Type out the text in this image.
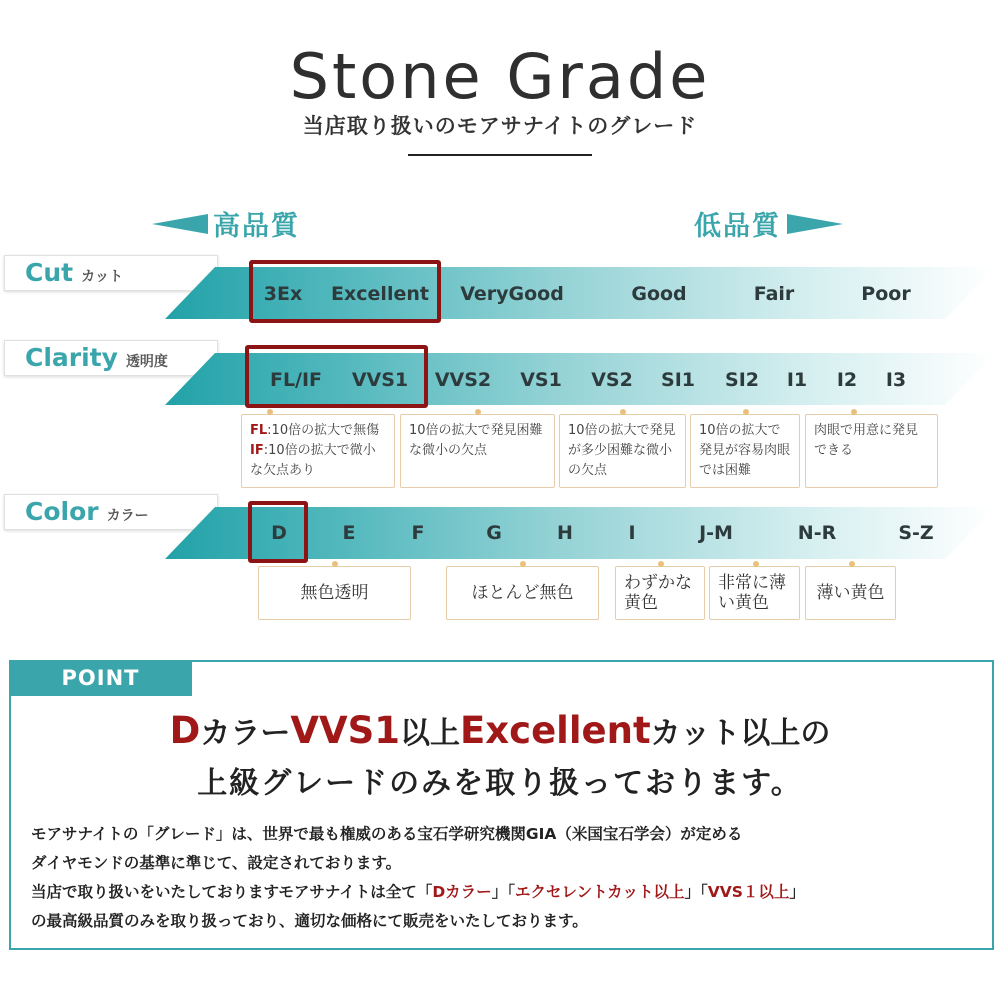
Stone Grade
当店取り扱いのモアサナイトのグレード
高品質	低品質
Cut カット
3Ex Excellent VeryGood	Good	Fair	Poor
Clarity 透明度
FL/IF VVS1 VVS2 VS1 VS2 SI1 SI2 I1 I2 I3
FL:10倍の拡大で無傷
IF:10倍の拡大で微小
な欠点あり
10倍の拡大で発見困難な微小の欠点
10倍の拡大で発見が多少困難な微小の欠点
10倍の拡大で発見が容易肉眼では困難
肉眼で用意に発見できる
Color カラー
D	E	F	G	H	I	J-M	N-R	S-Z
無色透明	ほとんど無色	わずかな黄色
非常に薄い黄色	薄い黄色
POINT
DカラーVVS1以上Excellentカット以上の
上級グレードのみを取り扱っております。
モアサナイトの「グレード」は、世界で最も権威のある宝石学研究機関GIA（米国宝石学会）が定める
ダイヤモンドの基準に準じて、設定されております。
当店で取り扱いをいたしておりますモアサナイトは全て「Dカラー」「エクセレントカット以上」「VVS１以上」
の最高級品質のみを取り扱っており、適切な価格にて販売をいたしております。
